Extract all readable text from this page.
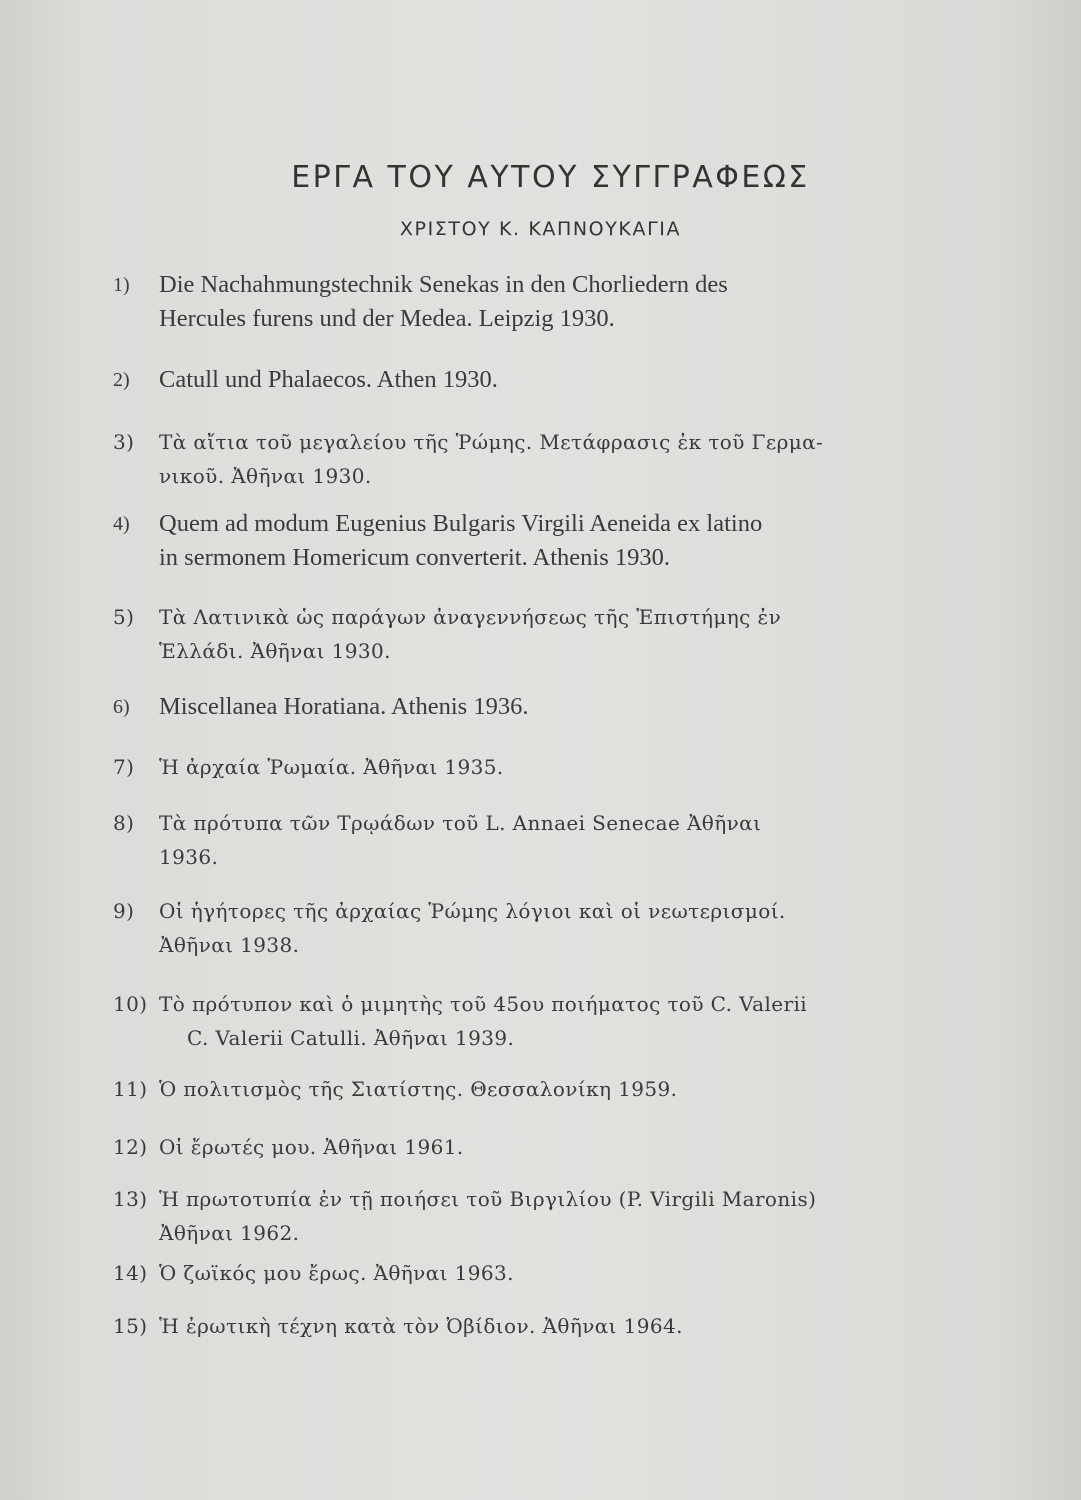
ΕΡΓΑ ΤΟΥ ΑΥΤΟΥ ΣΥΓΓΡΑΦΕΩΣ
ΧΡΙΣΤΟΥ Κ. ΚΑΠΝΟΥΚΑΓΙΑ
1)	Die Nachahmungstechnik Senekas in den Chorliedern des
Hercules furens und der Medea. Leipzig 1930.
2)	Catull und Phalaecos. Athen 1930.
3)	Τὰ αἴτια τοῦ μεγαλείου τῆς Ῥώμης. Μετάφρασις ἐκ τοῦ Γερμα-
νικοῦ. Ἀθῆναι 1930.
4)	Quem ad modum Eugenius Bulgaris Virgili Aeneida ex latino
in sermonem Homericum converterit. Athenis 1930.
5)	Τὰ Λατινικὰ ὡς παράγων ἀναγεννήσεως τῆς Ἐπιστήμης ἐν
Ἑλλάδι. Ἀθῆναι 1930.
6)	Miscellanea Horatiana. Athenis 1936.
7)	Ἡ ἀρχαία Ῥωμαία. Ἀθῆναι 1935.
8)	Τὰ πρότυπα τῶν Τρῳάδων τοῦ L. Annaei Senecae Ἀθῆναι
1936.
9)	Οἱ ἡγήτορες τῆς ἀρχαίας Ῥώμης λόγιοι καὶ οἱ νεωτερισμοί.
Ἀθῆναι 1938.
10) Τὸ πρότυπον καὶ ὁ μιμητὴς τοῦ 45ου ποιήματος τοῦ C. Valerii
C. Valerii Catulli. Ἀθῆναι 1939.
11) Ὁ πολιτισμὸς τῆς Σιατίστης. Θεσσαλονίκη 1959.
12) Οἱ ἔρωτές μου. Ἀθῆναι 1961.
13) Ἡ πρωτοτυπία ἐν τῇ ποιήσει τοῦ Βιργιλίου (P. Virgili Maronis)
Ἀθῆναι 1962.
14) Ὁ ζωϊκός μου ἔρως. Ἀθῆναι 1963.
15) Ἡ ἐρωτικὴ τέχνη κατὰ τὸν Ὀβίδιον. Ἀθῆναι 1964.
